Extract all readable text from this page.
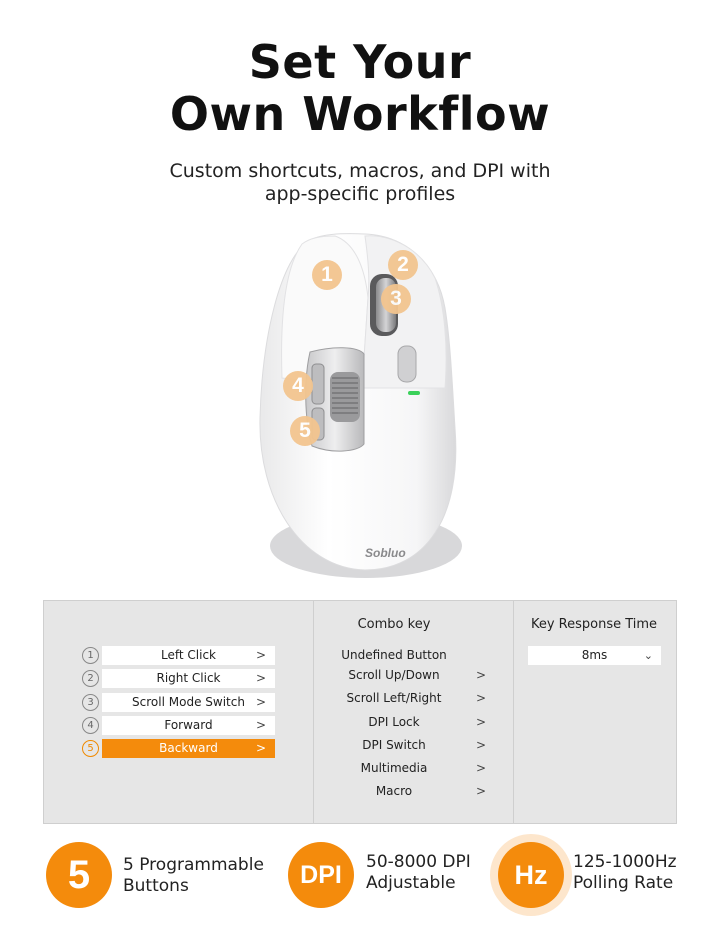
Set Your
Own Workflow
Custom shortcuts, macros, and DPI with
app-specific profiles
Sobluo
1	2
3
4
5
1	Left Click	>
2	Right Click	>
3	Scroll Mode Switch >
4	Forward	>
5	Backward	>
Combo key
Undefined Button
Scroll Up/Down	>
Scroll Left/Right	>
DPI Lock	>
DPI Switch	>
Multimedia	>
Macro	>
Key Response Time
8ms	⌄
5	5 Programmable
Buttons	DPI	50-8000 DPI
Adjustable	Hz	125-1000Hz
Polling Rate
